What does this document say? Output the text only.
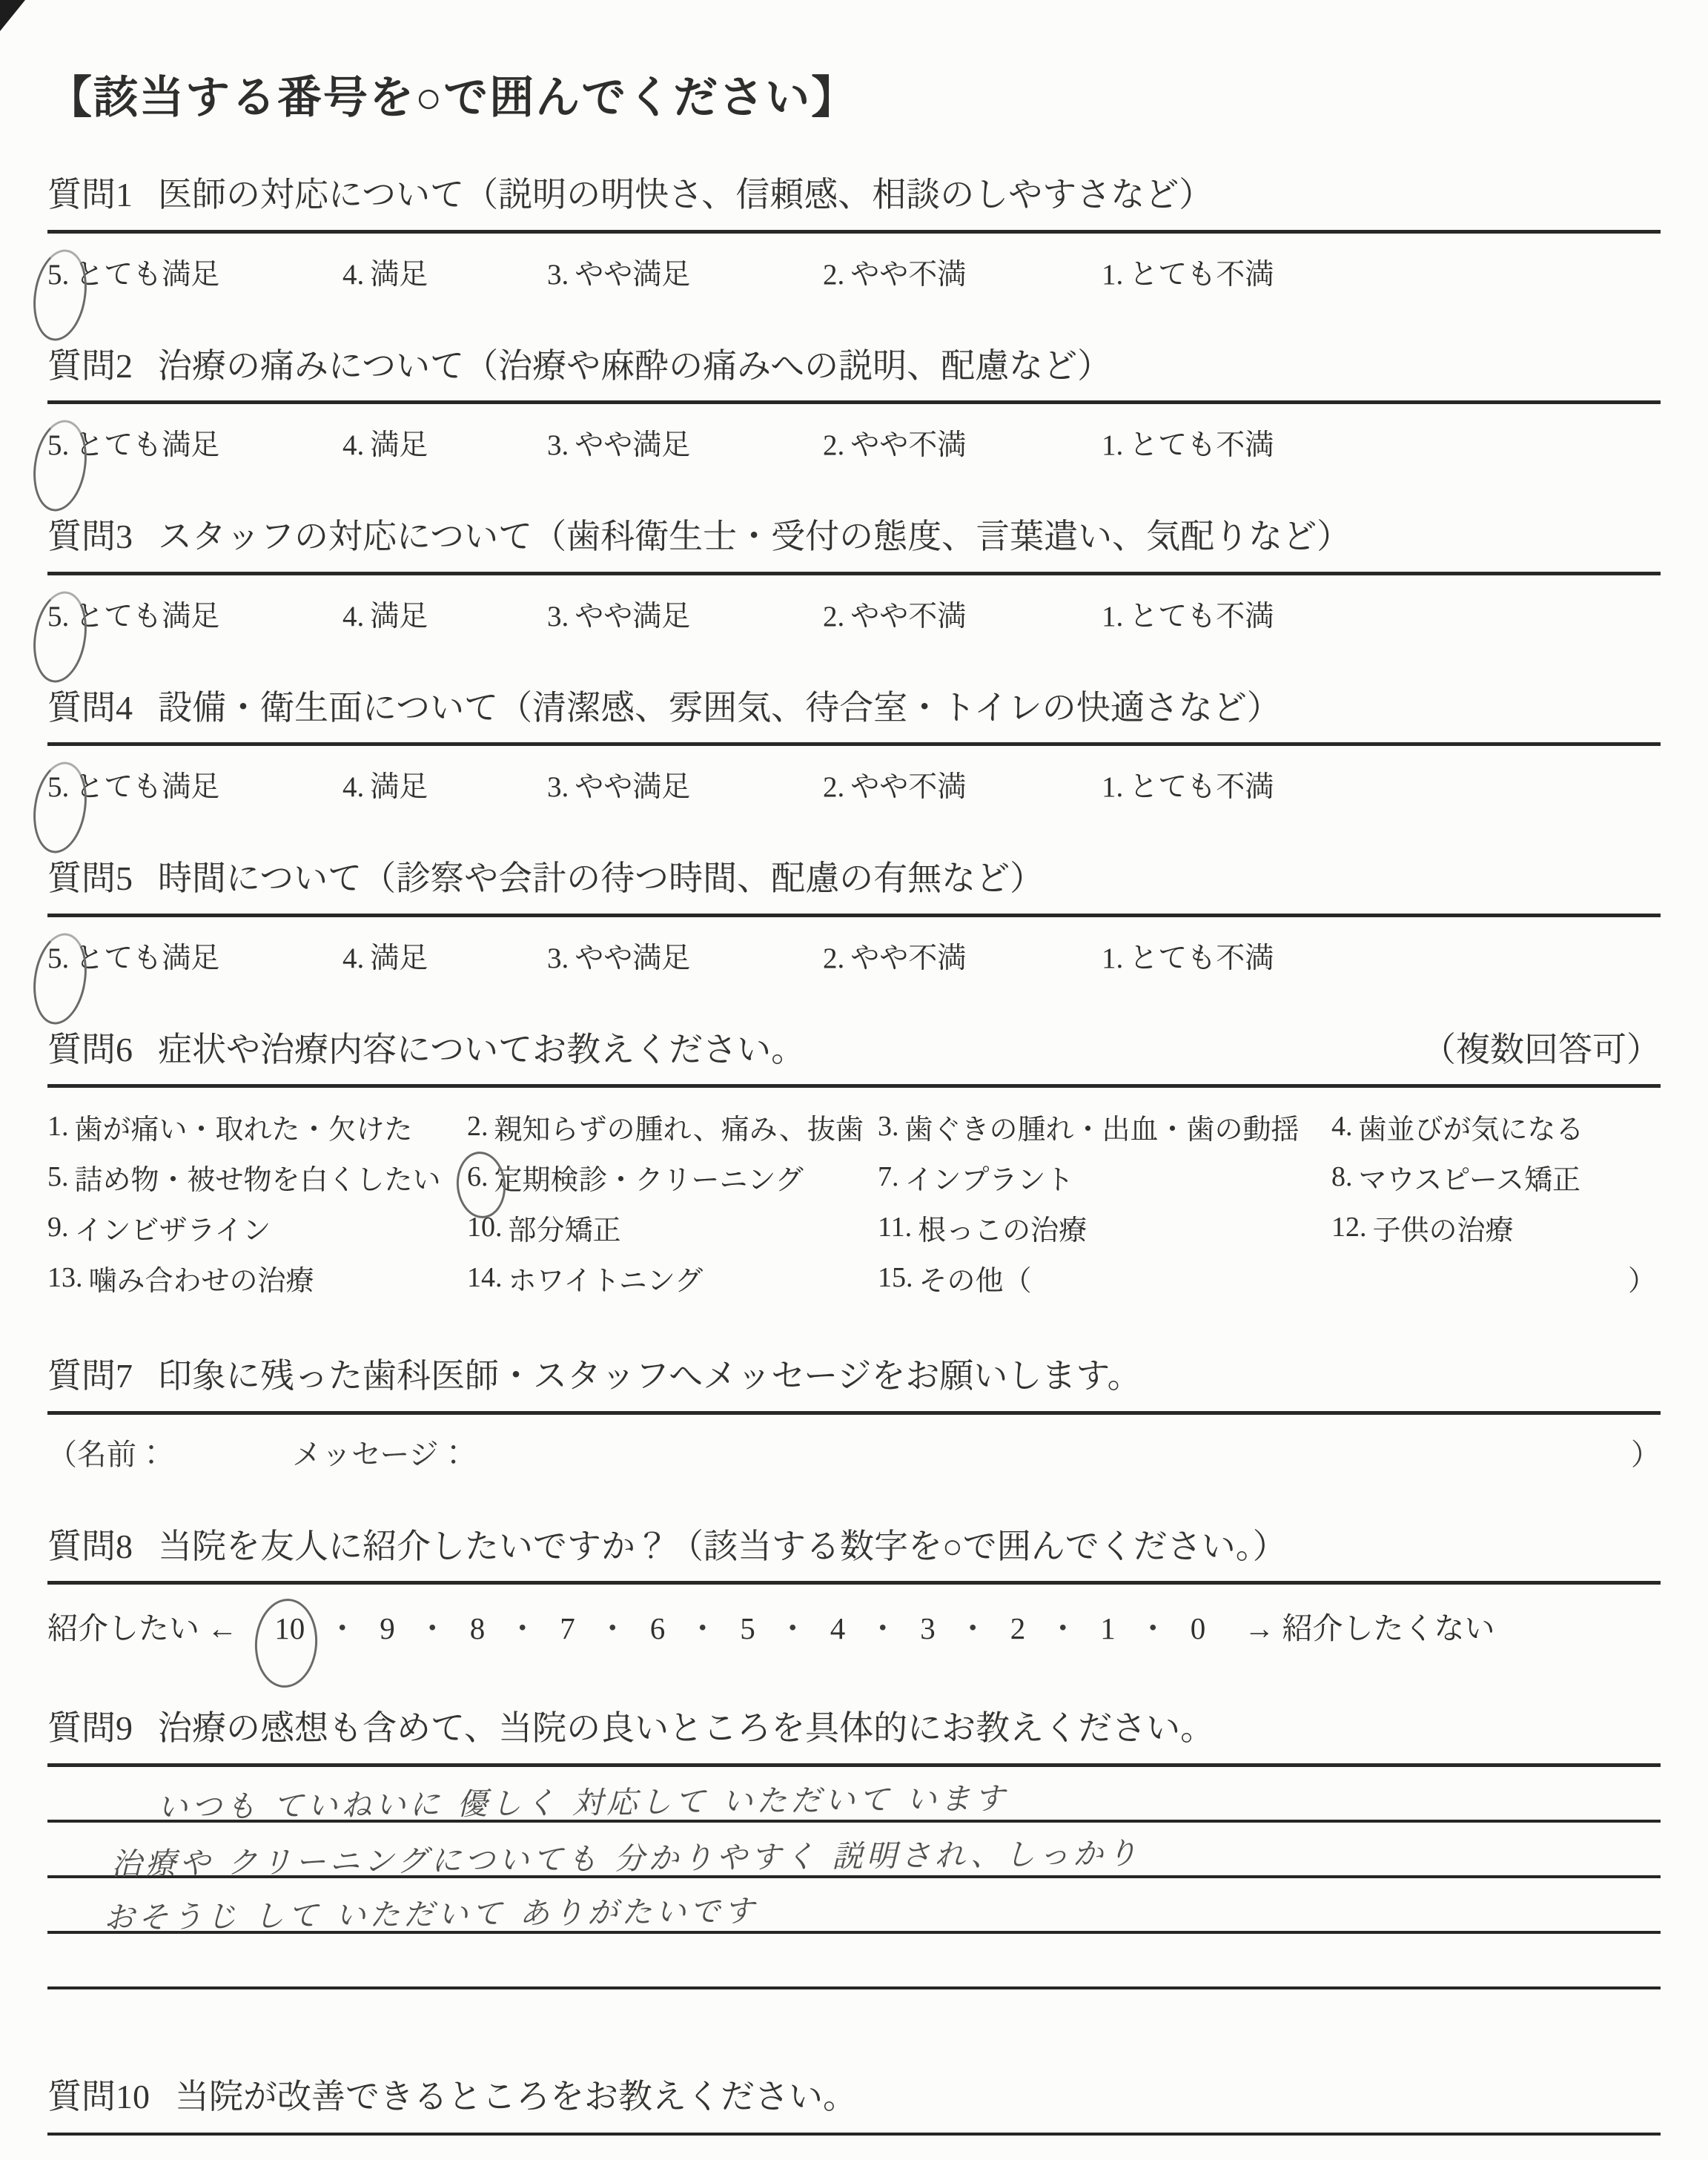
【該当する番号を○で囲んでください】
質問1 医師の対応について（説明の明快さ、信頼感、相談のしやすさなど）
5. とても満足	4. 満足	3. やや満足	2. やや不満	1. とても不満
質問2 治療の痛みについて（治療や麻酔の痛みへの説明、配慮など）
5. とても満足	4. 満足	3. やや満足	2. やや不満	1. とても不満
質問3 スタッフの対応について（歯科衛生士・受付の態度、言葉遣い、気配りなど）
5. とても満足	4. 満足	3. やや満足	2. やや不満	1. とても不満
質問4 設備・衛生面について（清潔感、雰囲気、待合室・トイレの快適さなど）
5. とても満足	4. 満足	3. やや満足	2. やや不満	1. とても不満
質問5 時間について（診察や会計の待つ時間、配慮の有無など）
5. とても満足	4. 満足	3. やや満足	2. やや不満	1. とても不満
質問6 症状や治療内容についてお教えください。	（複数回答可）
1. 歯が痛い・取れた・欠けた 2. 親知らずの腫れ、痛み、抜歯 3. 歯ぐきの腫れ・出血・歯の動揺 4. 歯並びが気になる
5. 詰め物・被せ物を白くしたい 6. 定期検診・クリーニング	7. インプラント	8. マウスピース矯正
9. インビザライン	10. 部分矯正	11. 根っこの治療	12. 子供の治療
13. 噛み合わせの治療	14. ホワイトニング	15. その他（	）
質問7 印象に残った歯科医師・スタッフへメッセージをお願いします。
（名前：	メッセージ：	）
質問8 当院を友人に紹介したいですか？（該当する数字を○で囲んでください。）
紹介したい ← 10 ・ 9 ・ 8 ・ 7 ・ 6 ・ 5 ・ 4 ・ 3 ・ 2 ・ 1 ・ 0 → 紹介したくない
質問9 治療の感想も含めて、当院の良いところを具体的にお教えください。
いつも ていねいに 優しく 対応して いただいて います
治療や クリーニングについても 分かりやすく 説明され、しっかり
おそうじ して いただいて ありがたいです
質問10 当院が改善できるところをお教えください。
